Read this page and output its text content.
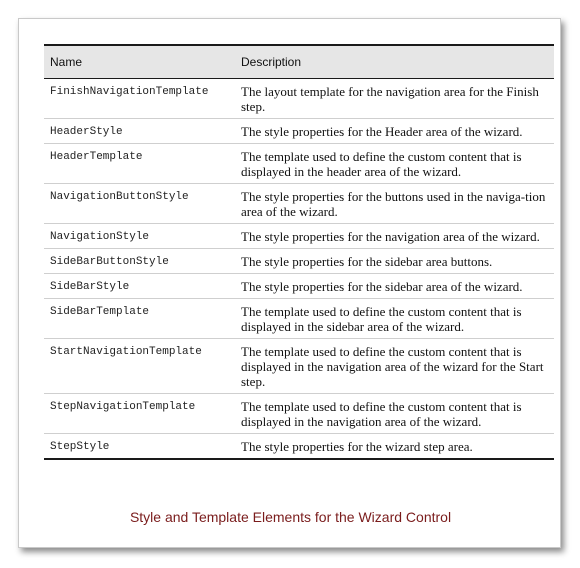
Name	Description
FinishNavigationTemplate	The layout template for the navigation area for the Finish step.
HeaderStyle	The style properties for the Header area of the wizard.
HeaderTemplate	The template used to define the custom content that is displayed in the header area of the wizard.
NavigationButtonStyle	The style properties for the buttons used in the naviga-tion area of the wizard.
NavigationStyle	The style properties for the navigation area of the wizard.
SideBarButtonStyle	The style properties for the sidebar area buttons.
SideBarStyle	The style properties for the sidebar area of the wizard.
SideBarTemplate	The template used to define the custom content that is displayed in the sidebar area of the wizard.
StartNavigationTemplate	The template used to define the custom content that is displayed in the navigation area of the wizard for the Start step.
StepNavigationTemplate	The template used to define the custom content that is displayed in the navigation area of the wizard.
StepStyle	The style properties for the wizard step area.
Style and Template Elements for the Wizard Control
